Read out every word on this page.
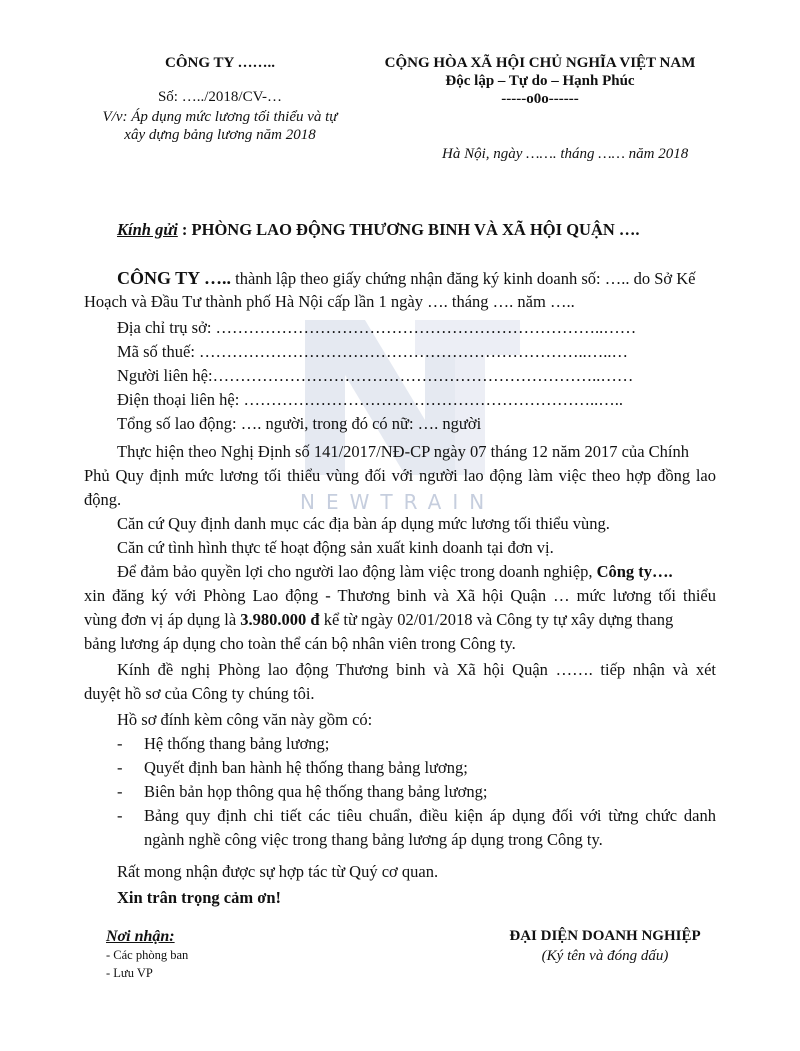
NEWTRAIN
CÔNG TY ……..
Số: …../2018/CV-…
V/v: Áp dụng mức lương tối thiểu và tự
xây dựng bảng lương năm 2018
CỘNG HÒA XÃ HỘI CHỦ NGHĨA VIỆT NAM
Độc lập – Tự do – Hạnh Phúc
-----o0o------
Hà Nội, ngày ……. tháng …… năm 2018
Kính gửi : PHÒNG LAO ĐỘNG THƯƠNG BINH VÀ XÃ HỘI QUẬN ….
CÔNG TY ….. thành lập theo giấy chứng nhận đăng ký kinh doanh số: ….. do Sở Kế
Hoạch và Đầu Tư thành phố Hà Nội cấp lần 1 ngày …. tháng …. năm …..
Địa chỉ trụ sở: ……………………………………………………………..……
Mã số thuế: ……………………………………………………………..…..…
Người liên hệ:……………………………………………………………..……
Điện thoại liên hệ: ………………………………………………………..…..
Tổng số lao động: …. người, trong đó có nữ: …. người
Thực hiện theo Nghị Định số 141/2017/NĐ-CP ngày 07 tháng 12 năm 2017 của Chính
Phủ Quy định mức lương tối thiểu vùng đối với người lao động làm việc theo hợp đồng lao
động.
Căn cứ Quy định danh mục các địa bàn áp dụng mức lương tối thiểu vùng.
Căn cứ tình hình thực tế hoạt động sản xuất kinh doanh tại đơn vị.
Để đảm bảo quyền lợi cho người lao động làm việc trong doanh nghiệp, Công ty….
xin đăng ký với Phòng Lao động - Thương binh và Xã hội Quận … mức lương tối thiểu
vùng đơn vị áp dụng là 3.980.000 đ kể từ ngày 02/01/2018 và Công ty tự xây dựng thang
bảng lương áp dụng cho toàn thể cán bộ nhân viên trong Công ty.
Kính đề nghị Phòng lao động Thương binh và Xã hội Quận ……. tiếp nhận và xét
duyệt hồ sơ của Công ty chúng tôi.
Hồ sơ đính kèm công văn này gồm có:
- Hệ thống thang bảng lương;
- Quyết định ban hành hệ thống thang bảng lương;
- Biên bản họp thông qua hệ thống thang bảng lương;
- Bảng quy định chi tiết các tiêu chuẩn, điều kiện áp dụng đối với từng chức danh
ngành nghề công việc trong thang bảng lương áp dụng trong Công ty.
Rất mong nhận được sự hợp tác từ Quý cơ quan.
Xin trân trọng cảm ơn!
Nơi nhận:
- Các phòng ban
- Lưu VP
ĐẠI DIỆN DOANH NGHIỆP
(Ký tên và đóng dấu)
